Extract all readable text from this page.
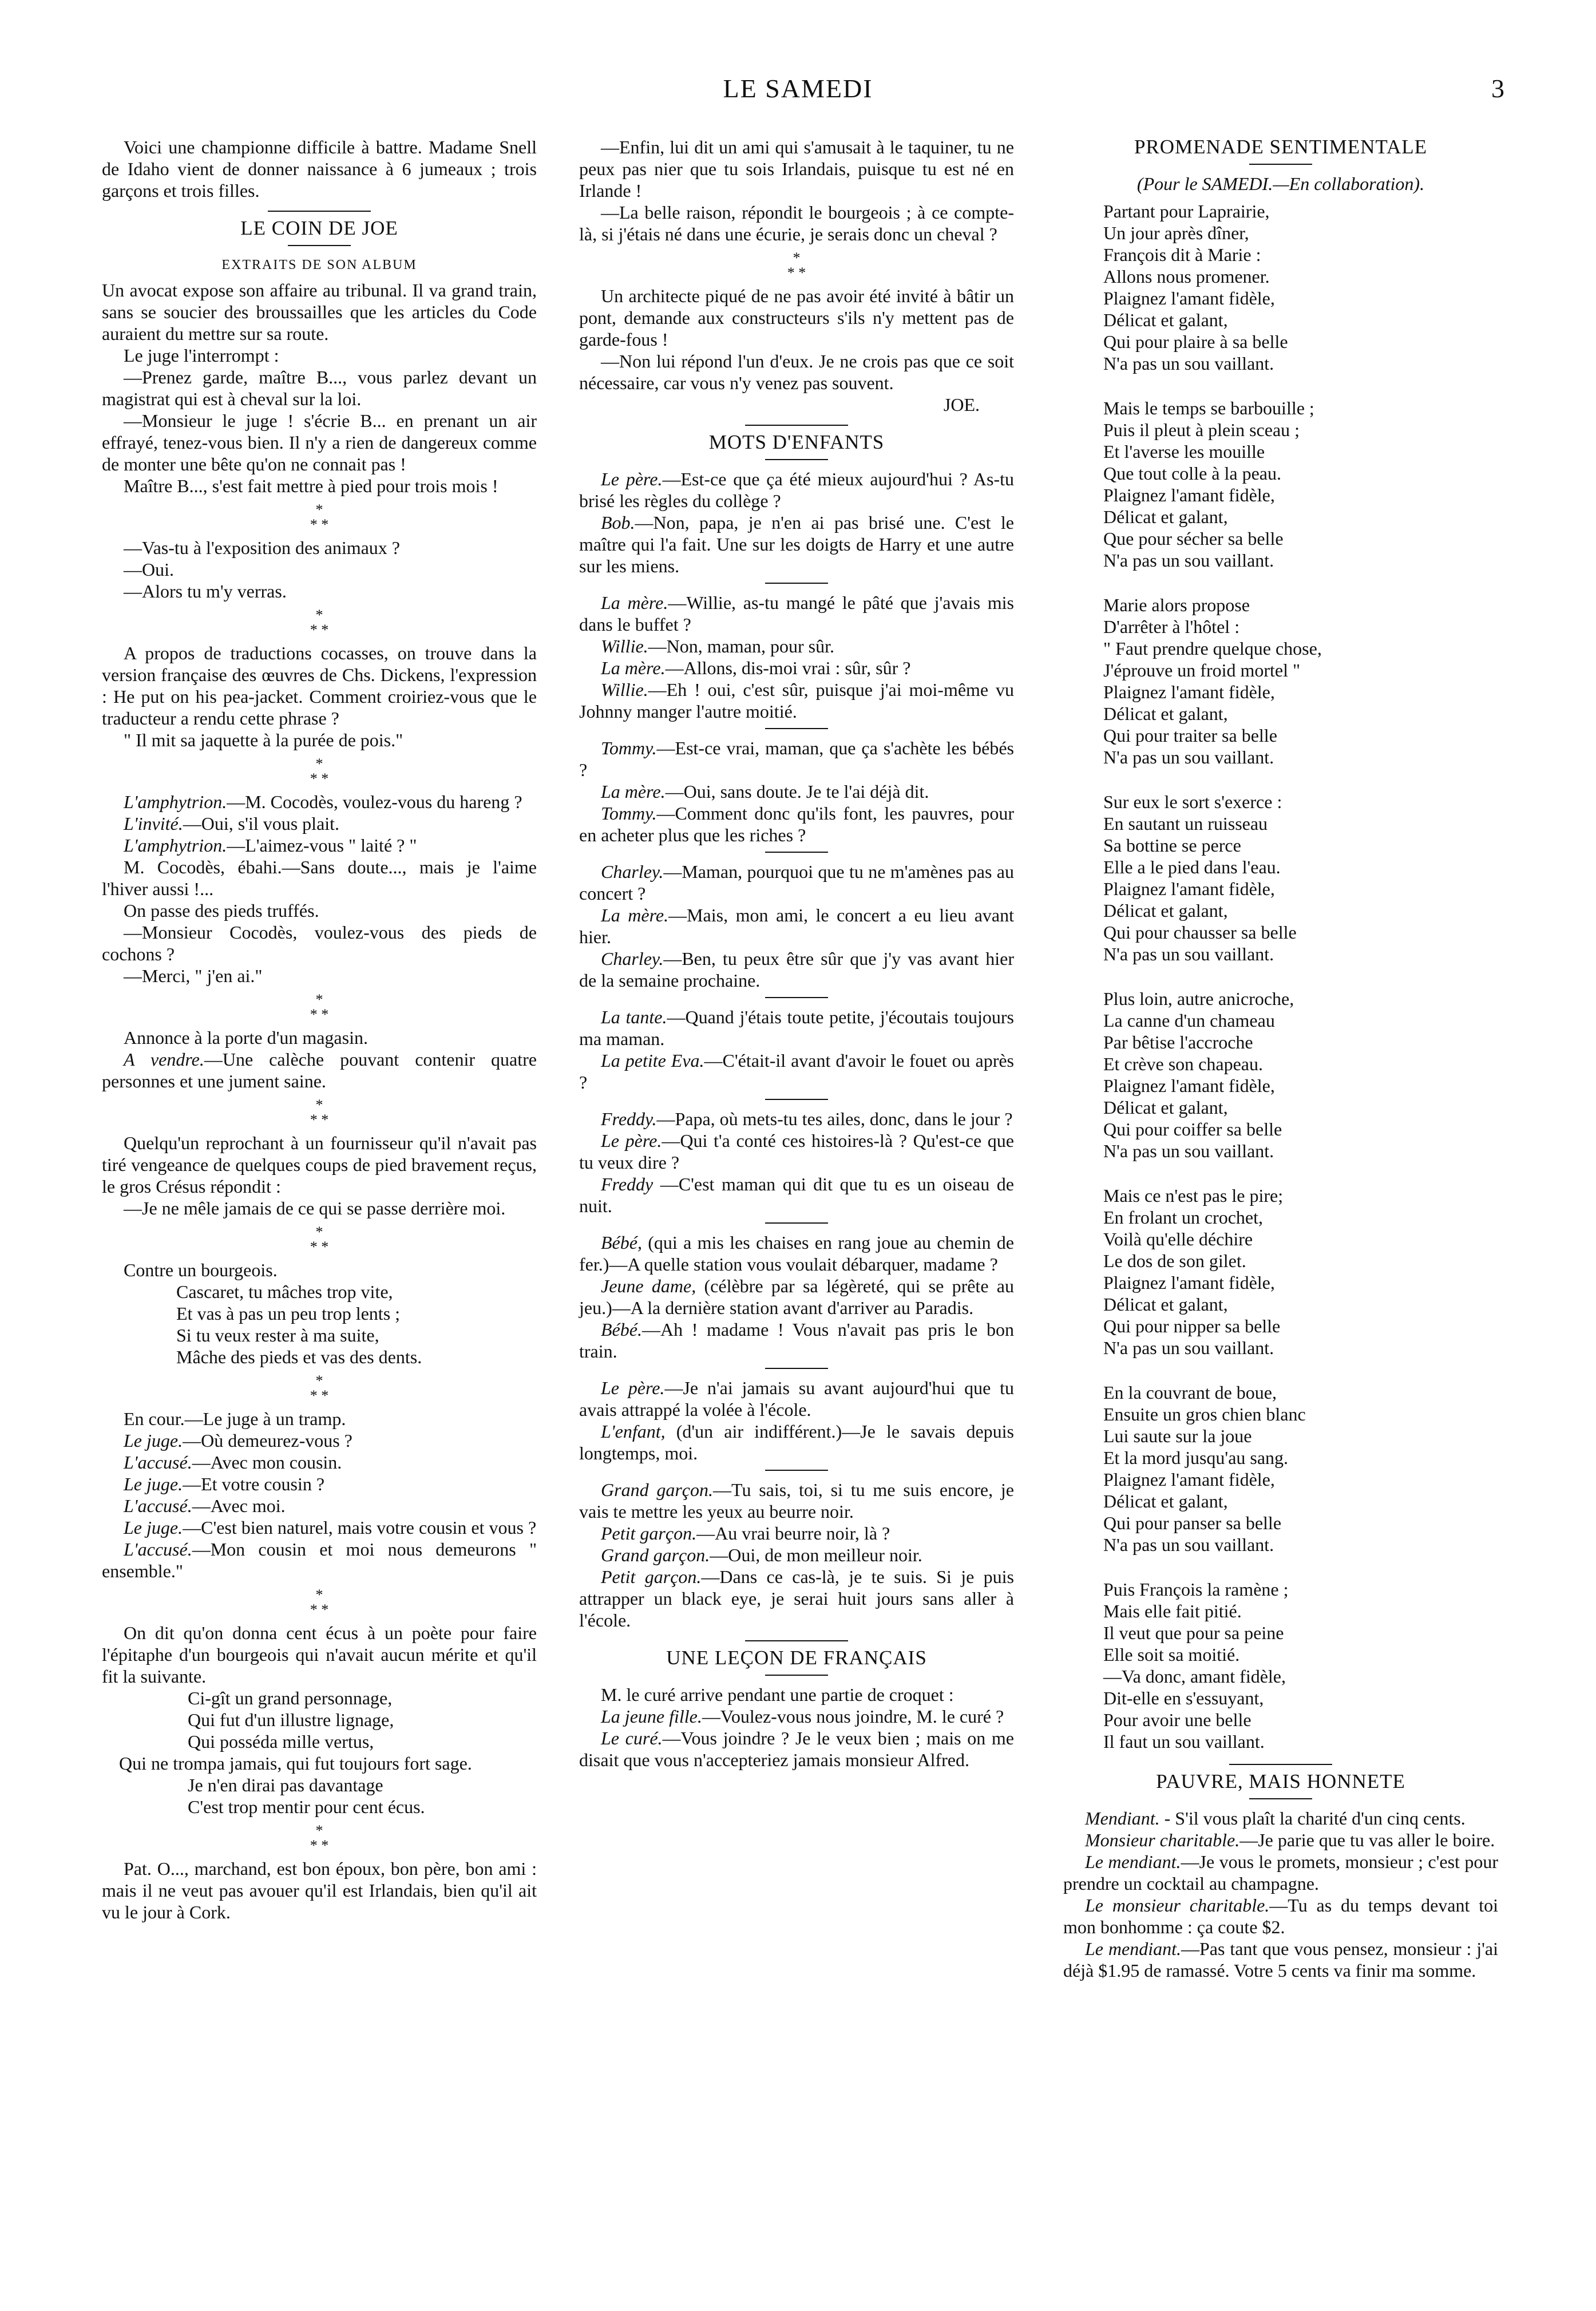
LE SAMEDI	3

Voici une championne difficile à battre. Madame Snell de Idaho vient de donner naissance à 6 jumeaux ; trois garçons et trois filles.

LE COIN DE JOE
EXTRAITS DE SON ALBUM

Un avocat expose son affaire au tribunal. Il va grand train, sans se soucier des broussailles que les articles du Code auraient du mettre sur sa route.

Le juge l'interrompt :

—Prenez garde, maître B..., vous parlez devant un magistrat qui est à cheval sur la loi.

—Monsieur le juge ! s'écrie B... en prenant un air effrayé, tenez-vous bien. Il n'y a rien de dangereux comme de monter une bête qu'on ne connait pas !

Maître B..., s'est fait mettre à pied pour trois mois !

*
* *

—Vas-tu à l'exposition des animaux ?

—Oui.

—Alors tu m'y verras.

*
* *

A propos de traductions cocasses, on trouve dans la version française des œuvres de Chs. Dickens, l'expression : He put on his pea-jacket. Comment croiriez-vous que le traducteur a rendu cette phrase ?

" Il mit sa jaquette à la purée de pois."

*
* *

L'amphytrion.—M. Cocodès, voulez-vous du hareng ?

L'invité.—Oui, s'il vous plait.

L'amphytrion.—L'aimez-vous " laité ? "

M. Cocodès, ébahi.—Sans doute..., mais je l'aime l'hiver aussi !...

On passe des pieds truffés.

—Monsieur Cocodès, voulez-vous des pieds de cochons ?

—Merci, " j'en ai."

*
* *

Annonce à la porte d'un magasin.

A vendre.—Une calèche pouvant contenir quatre personnes et une jument saine.

*
* *

Quelqu'un reprochant à un fournisseur qu'il n'avait pas tiré vengeance de quelques coups de pied bravement reçus, le gros Crésus répondit :

—Je ne mêle jamais de ce qui se passe derrière moi.

*
* *

Contre un bourgeois.

Cascaret, tu mâches trop vite,
Et vas à pas un peu trop lents ;
Si tu veux rester à ma suite,
Mâche des pieds et vas des dents.
*
* *

En cour.—Le juge à un tramp.

Le juge.—Où demeurez-vous ?

L'accusé.—Avec mon cousin.

Le juge.—Et votre cousin ?

L'accusé.—Avec moi.

Le juge.—C'est bien naturel, mais votre cousin et vous ?

L'accusé.—Mon cousin et moi nous demeurons " ensemble."

*
* *

On dit qu'on donna cent écus à un poète pour faire l'épitaphe d'un bourgeois qui n'avait aucun mérite et qu'il fit la suivante.

Ci-gît un grand personnage,
Qui fut d'un illustre lignage,
Qui posséda mille vertus,
Qui ne trompa jamais, qui fut toujours fort sage.
Je n'en dirai pas davantage
C'est trop mentir pour cent écus.
*
* *

Pat. O..., marchand, est bon époux, bon père, bon ami : mais il ne veut pas avouer qu'il est Irlandais, bien qu'il ait vu le jour à Cork.

—Enfin, lui dit un ami qui s'amusait à le taquiner, tu ne peux pas nier que tu sois Irlandais, puisque tu est né en Irlande !

—La belle raison, répondit le bourgeois ; à ce compte-là, si j'étais né dans une écurie, je serais donc un cheval ?

*
* *

Un architecte piqué de ne pas avoir été invité à bâtir un pont, demande aux constructeurs s'ils n'y mettent pas de garde-fous !

—Non lui répond l'un d'eux. Je ne crois pas que ce soit nécessaire, car vous n'y venez pas souvent.

JOE.

MOTS D'ENFANTS

Le père.—Est-ce que ça été mieux aujourd'hui ? As-tu brisé les règles du collège ?

Bob.—Non, papa, je n'en ai pas brisé une. C'est le maître qui l'a fait. Une sur les doigts de Harry et une autre sur les miens.

La mère.—Willie, as-tu mangé le pâté que j'avais mis dans le buffet ?

Willie.—Non, maman, pour sûr.

La mère.—Allons, dis-moi vrai : sûr, sûr ?

Willie.—Eh ! oui, c'est sûr, puisque j'ai moi-même vu Johnny manger l'autre moitié.

Tommy.—Est-ce vrai, maman, que ça s'achète les bébés ?

La mère.—Oui, sans doute. Je te l'ai déjà dit.

Tommy.—Comment donc qu'ils font, les pauvres, pour en acheter plus que les riches ?

Charley.—Maman, pourquoi que tu ne m'amènes pas au concert ?

La mère.—Mais, mon ami, le concert a eu lieu avant hier.

Charley.—Ben, tu peux être sûr que j'y vas avant hier de la semaine prochaine.

La tante.—Quand j'étais toute petite, j'écoutais toujours ma maman.

La petite Eva.—C'était-il avant d'avoir le fouet ou après ?

Freddy.—Papa, où mets-tu tes ailes, donc, dans le jour ?

Le père.—Qui t'a conté ces histoires-là ? Qu'est-ce que tu veux dire ?

Freddy —C'est maman qui dit que tu es un oiseau de nuit.

Bébé, (qui a mis les chaises en rang joue au chemin de fer.)—A quelle station vous voulait débarquer, madame ?

Jeune dame, (célèbre par sa légèreté, qui se prête au jeu.)—A la dernière station avant d'arriver au Paradis.

Bébé.—Ah ! madame ! Vous n'avait pas pris le bon train.

Le père.—Je n'ai jamais su avant aujourd'hui que tu avais attrappé la volée à l'école.

L'enfant, (d'un air indifférent.)—Je le savais depuis longtemps, moi.

Grand garçon.—Tu sais, toi, si tu me suis encore, je vais te mettre les yeux au beurre noir.

Petit garçon.—Au vrai beurre noir, là ?

Grand garçon.—Oui, de mon meilleur noir.

Petit garçon.—Dans ce cas-là, je te suis. Si je puis attrapper un black eye, je serai huit jours sans aller à l'école.

UNE LEÇON DE FRANÇAIS

M. le curé arrive pendant une partie de croquet :

La jeune fille.—Voulez-vous nous joindre, M. le curé ?

Le curé.—Vous joindre ? Je le veux bien ; mais on me disait que vous n'accepteriez jamais monsieur Alfred.

PROMENADE SENTIMENTALE

(Pour le SAMEDI.—En collaboration).

Partant pour Laprairie,

Un jour après dîner,

François dit à Marie :

Allons nous promener.

Plaignez l'amant fidèle,

Délicat et galant,

Qui pour plaire à sa belle

N'a pas un sou vaillant.

Mais le temps se barbouille ;

Puis il pleut à plein sceau ;

Et l'averse les mouille

Que tout colle à la peau.

Plaignez l'amant fidèle,

Délicat et galant,

Que pour sécher sa belle

N'a pas un sou vaillant.

Marie alors propose

D'arrêter à l'hôtel :

" Faut prendre quelque chose,

J'éprouve un froid mortel "

Plaignez l'amant fidèle,

Délicat et galant,

Qui pour traiter sa belle

N'a pas un sou vaillant.

Sur eux le sort s'exerce :

En sautant un ruisseau

Sa bottine se perce

Elle a le pied dans l'eau.

Plaignez l'amant fidèle,

Délicat et galant,

Qui pour chausser sa belle

N'a pas un sou vaillant.

Plus loin, autre anicroche,

La canne d'un chameau

Par bêtise l'accroche

Et crève son chapeau.

Plaignez l'amant fidèle,

Délicat et galant,

Qui pour coiffer sa belle

N'a pas un sou vaillant.

Mais ce n'est pas le pire;

En frolant un crochet,

Voilà qu'elle déchire

Le dos de son gilet.

Plaignez l'amant fidèle,

Délicat et galant,

Qui pour nipper sa belle

N'a pas un sou vaillant.

En la couvrant de boue,

Ensuite un gros chien blanc

Lui saute sur la joue

Et la mord jusqu'au sang.

Plaignez l'amant fidèle,

Délicat et galant,

Qui pour panser sa belle

N'a pas un sou vaillant.

Puis François la ramène ;

Mais elle fait pitié.

Il veut que pour sa peine

Elle soit sa moitié.

—Va donc, amant fidèle,

Dit-elle en s'essuyant,

Pour avoir une belle

Il faut un sou vaillant.

PAUVRE, MAIS HONNETE

Mendiant. - S'il vous plaît la charité d'un cinq cents.

Monsieur charitable.—Je parie que tu vas aller le boire.

Le mendiant.—Je vous le promets, monsieur ; c'est pour prendre un cocktail au champagne.

Le monsieur charitable.—Tu as du temps devant toi mon bonhomme : ça coute $2.

Le mendiant.—Pas tant que vous pensez, monsieur : j'ai déjà $1.95 de ramassé. Votre 5 cents va finir ma somme.
